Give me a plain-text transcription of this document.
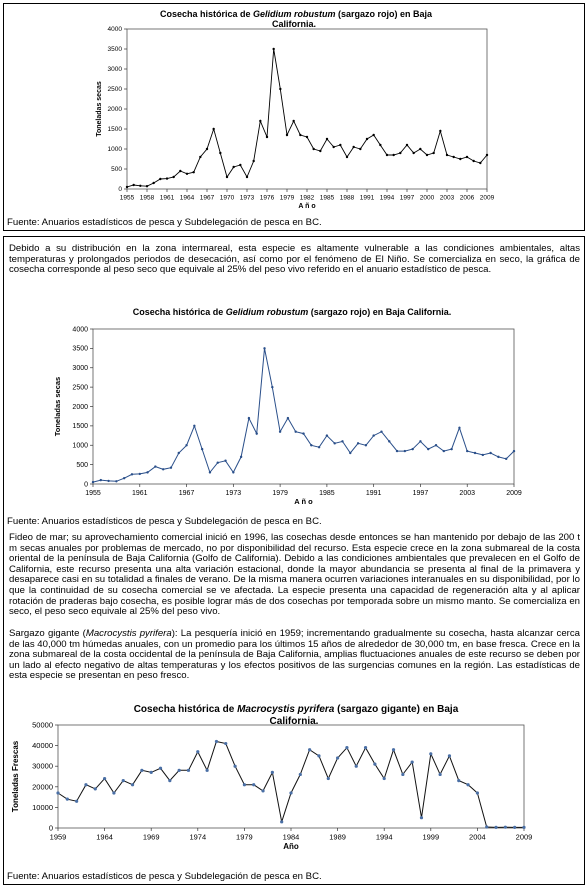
Cosecha histórica de Gelidium robustum (sargazo rojo) en Baja
California.
0
500
1000
1500
2000
2500
3000
3500
4000
1955 1958 1961 1964 1967 1970 1973 1976 1979 1982 1985 1988 1991 1994 1997 2000 2003 2006 2009
A ñ o
Toneladas secas
Fuente: Anuarios estadísticos de pesca y Subdelegación de pesca en BC.

Debido a su distribución en la zona intermareal, esta especie es altamente vulnerable a las condiciones ambientales, altas temperaturas y prolongados periodos de desecación, así como por el fenómeno de El Niño. Se comercializa en seco, la gráfica de cosecha corresponde al peso seco que equivale al 25% del peso vivo referido en el anuario estadístico de pesca.

Cosecha histórica de Gelidium robustum (sargazo rojo) en Baja California.
0
500
1000
1500
2000
2500
3000
3500
4000
1955	1961	1967	1973	1979	1985	1991	1997	2003	2009
A ñ o
Toneladas secas
Fuente: Anuarios estadísticos de pesca y Subdelegación de pesca en BC.

Fideo de mar; su aprovechamiento comercial inició en 1996, las cosechas desde entonces se han mantenido por debajo de las 200 t m secas anuales por problemas de mercado, no por disponibilidad del recurso. Esta especie crece en la zona submareal de la costa oriental de la península de Baja California (Golfo de California). Debido a las condiciones ambientales que prevalecen en el Golfo de California, este recurso presenta una alta variación estacional, donde la mayor abundancia se presenta al final de la primavera y desaparece casi en su totalidad a finales de verano. De la misma manera ocurren variaciones interanuales en su disponibilidad, por lo que la continuidad de su cosecha comercial se ve afectada. La especie presenta una capacidad de regeneración alta y al aplicar rotación de praderas bajo cosecha, es posible lograr más de dos cosechas por temporada sobre un mismo manto. Se comercializa en seco, el peso seco equivale al 25% del peso vivo.

Sargazo gigante (Macrocystis pyrifera): La pesquería inició en 1959; incrementando gradualmente su cosecha, hasta alcanzar cerca de las 40,000 tm húmedas anuales, con un promedio para los últimos 15 años de alrededor de 30,000 tm, en base fresca. Crece en la zona submareal de la costa occidental de la península de Baja California, amplias fluctuaciones anuales de este recurso se deben por un lado al efecto negativo de altas temperaturas y los efectos positivos de las surgencias comunes en la región. Las estadísticas de esta especie se presentan en peso fresco.

Cosecha histórica de Macrocystis pyrifera (sargazo gigante) en Baja
California.
0
10000
20000
30000
40000
50000
1959	1964	1969	1974	1979	1984	1989	1994	1999	2004	2009
Año
Toneladas Frescas
Fuente: Anuarios estadísticos de pesca y Subdelegación de pesca en BC.
